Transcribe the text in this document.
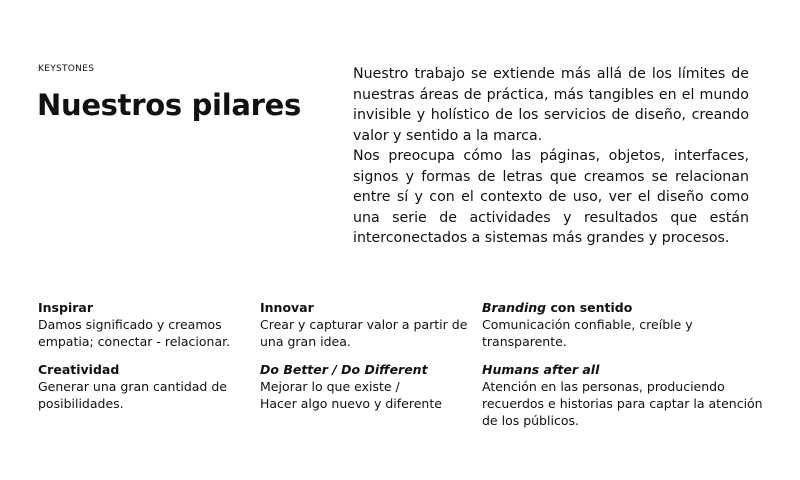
KEYSTONES
Nuestros pilares

Nuestro trabajo se extiende más allá de los límites de nuestras áreas de práctica, más tangibles en el mundo invisible y holístico de los servicios de diseño, creando valor y sentido a la marca.

Nos preocupa cómo las páginas, objetos, interfaces, signos y formas de letras que creamos se relacionan entre sí y con el contexto de uso, ver el diseño como una serie de actividades y resultados que están interconectados a sistemas más grandes y procesos.

Inspirar
Damos significado y creamos empatia; conectar - relacionar.
Innovar
Crear y capturar valor a partir de una gran idea.
Branding con sentido
Comunicación confiable, creíble y transparente.
Creatividad
Generar una gran cantidad de posibilidades.
Do Better / Do Different
Mejorar lo que existe /
Hacer algo nuevo y diferente
Humans after all
Atención en las personas, produciendo recuerdos e historias para captar la atención de los públicos.
